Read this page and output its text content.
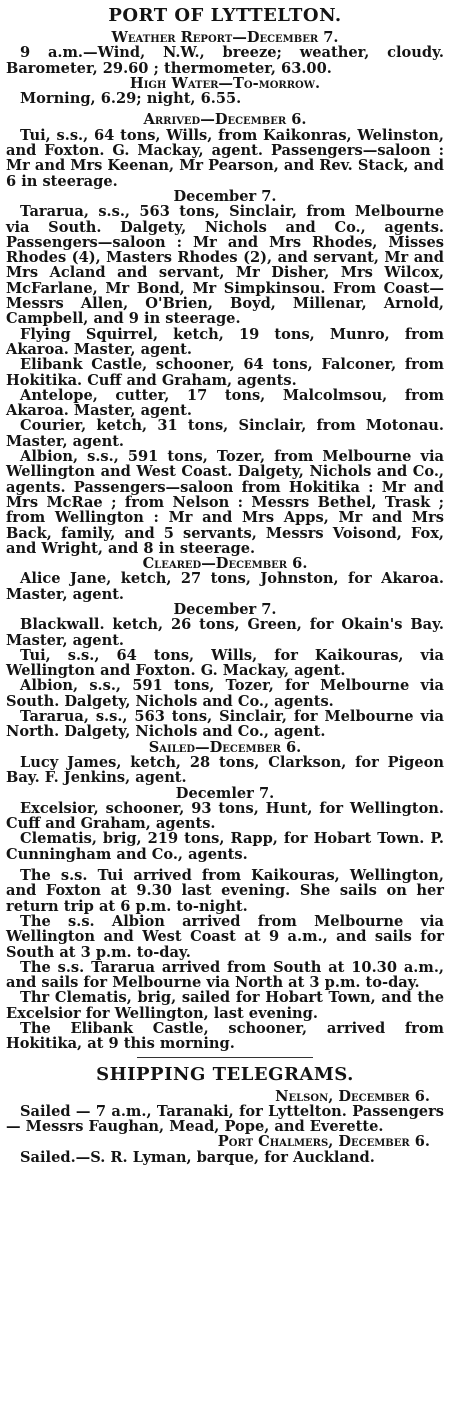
PORT OF LYTTELTON.
Weather Report—December 7.
9 a.m.—Wind, N.W., breeze; weather, cloudy. Barometer, 29.60 ; thermometer, 63.00.
High Water—To-morrow.
Morning, 6.29; night, 6.55.
Arrived—December 6.
Tui, s.s., 64 tons, Wills, from Kaikonras, Welinston, and Foxton. G. Mackay, agent. Passengers—saloon : Mr and Mrs Keenan, Mr Pearson, and Rev. Stack, and 6 in steerage.
December 7.
Tararua, s.s., 563 tons, Sinclair, from Melbourne via South. Dalgety, Nichols and Co., agents. Passengers—saloon : Mr and Mrs Rhodes, Misses Rhodes (4), Masters Rhodes (2), and servant, Mr and Mrs Acland and servant, Mr Disher, Mrs Wilcox, McFarlane, Mr Bond, Mr Simpkinsou. From Coast—Messrs Allen, O'Brien, Boyd, Millenar, Arnold, Campbell, and 9 in steerage.
Flying Squirrel, ketch, 19 tons, Munro, from Akaroa. Master, agent.
Elibank Castle, schooner, 64 tons, Falconer, from Hokitika. Cuff and Graham, agents.
Antelope, cutter, 17 tons, Malcolmsou, from Akaroa. Master, agent.
Courier, ketch, 31 tons, Sinclair, from Motonau. Master, agent.
Albion, s.s., 591 tons, Tozer, from Melbourne via Wellington and West Coast. Dalgety, Nichols and Co., agents. Passengers—saloon from Hokitika : Mr and Mrs McRae ; from Nelson : Messrs Bethel, Trask ; from Wellington : Mr and Mrs Apps, Mr and Mrs Back, family, and 5 servants, Messrs Voisond, Fox, and Wright, and 8 in steerage.
Cleared—December 6.
Alice Jane, ketch, 27 tons, Johnston, for Akaroa. Master, agent.
December 7.
Blackwall. ketch, 26 tons, Green, for Okain's Bay. Master, agent.
Tui, s.s., 64 tons, Wills, for Kaikouras, via Wellington and Foxton. G. Mackay, agent.
Albion, s.s., 591 tons, Tozer, for Melbourne via South. Dalgety, Nichols and Co., agents.
Tararua, s.s., 563 tons, Sinclair, for Melbourne via North. Dalgety, Nichols and Co., agent.
Sailed—December 6.
Lucy James, ketch, 28 tons, Clarkson, for Pigeon Bay. F. Jenkins, agent.
Decemler 7.
Excelsior, schooner, 93 tons, Hunt, for Wellington. Cuff and Graham, agents.
Clematis, brig, 219 tons, Rapp, for Hobart Town. P. Cunningham and Co., agents.
The s.s. Tui arrived from Kaikouras, Wellington, and Foxton at 9.30 last evening. She sails on her return trip at 6 p.m. to-night.
The s.s. Albion arrived from Melbourne via Wellington and West Coast at 9 a.m., and sails for South at 3 p.m. to-day.
The s.s. Tararua arrived from South at 10.30 a.m., and sails for Melbourne via North at 3 p.m. to-day.
Thr Clematis, brig, sailed for Hobart Town, and the Excelsior for Wellington, last evening.
The Elibank Castle, schooner, arrived from Hokitika, at 9 this morning.
SHIPPING TELEGRAMS.
Nelson, December 6.
Sailed — 7 a.m., Taranaki, for Lyttelton. Passengers — Messrs Faughan, Mead, Pope, and Everette.
Port Chalmers, December 6.
Sailed.—S. R. Lyman, barque, for Auckland.
